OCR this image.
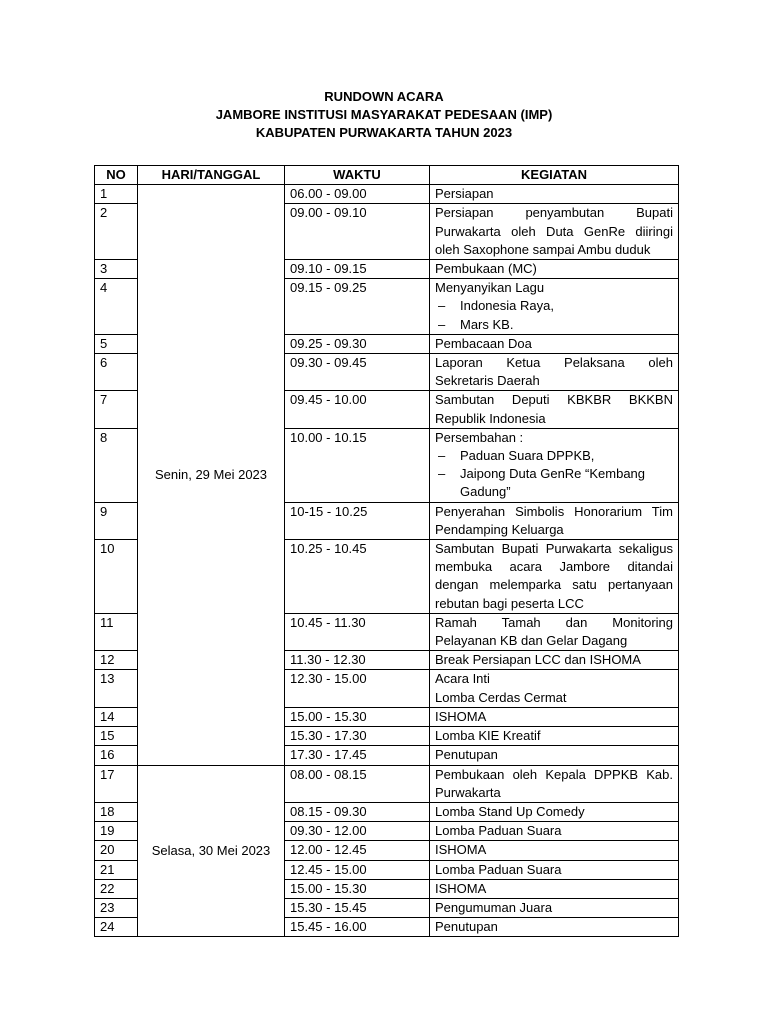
RUNDOWN ACARA
JAMBORE INSTITUSI MASYARAKAT PEDESAAN (IMP)
KABUPATEN PURWAKARTA TAHUN 2023
NO	HARI/TANGGAL	WAKTU	KEGIATAN
1	Senin, 29 Mei 2023	06.00 - 09.00	Persiapan

2		09.00 - 09.10	Persiapan penyambutan Bupati Purwakarta oleh Duta GenRe diiringi oleh Saxophone sampai Ambu duduk

3		09.10 - 09.15	Pembukaan (MC)

4		09.15 - 09.25	Menyanyikan Lagu
– Indonesia Raya,
– Mars KB.

5		09.25 - 09.30	Pembacaan Doa

6		09.30 - 09.45	Laporan Ketua Pelaksana oleh Sekretaris Daerah

7		09.45 - 10.00	Sambutan Deputi KBKBR BKKBN Republik Indonesia

8		10.00 - 10.15	Persembahan :
– Paduan Suara DPPKB,
– Jaipong Duta GenRe “Kembang Gadung”

9		10-15 - 10.25	Penyerahan Simbolis Honorarium Tim Pendamping Keluarga

10		10.25 - 10.45	Sambutan Bupati Purwakarta sekaligus membuka acara Jambore ditandai dengan melemparka satu pertanyaan rebutan bagi peserta LCC

11		10.45 - 11.30	Ramah Tamah dan Monitoring Pelayanan KB dan Gelar Dagang

12		11.30 - 12.30	Break Persiapan LCC dan ISHOMA

13		12.30 - 15.00	Acara Inti
Lomba Cerdas Cermat

14		15.00 - 15.30	ISHOMA

15		15.30 - 17.30	Lomba KIE Kreatif

16		17.30 - 17.45	Penutupan

17	Selasa, 30 Mei 2023	08.00 - 08.15	Pembukaan oleh Kepala DPPKB Kab. Purwakarta

18		08.15 - 09.30	Lomba Stand Up Comedy

19		09.30 - 12.00	Lomba Paduan Suara

20		12.00 - 12.45	ISHOMA

21		12.45 - 15.00	Lomba Paduan Suara

22		15.00 - 15.30	ISHOMA

23		15.30 - 15.45	Pengumuman Juara

24		15.45 - 16.00	Penutupan
